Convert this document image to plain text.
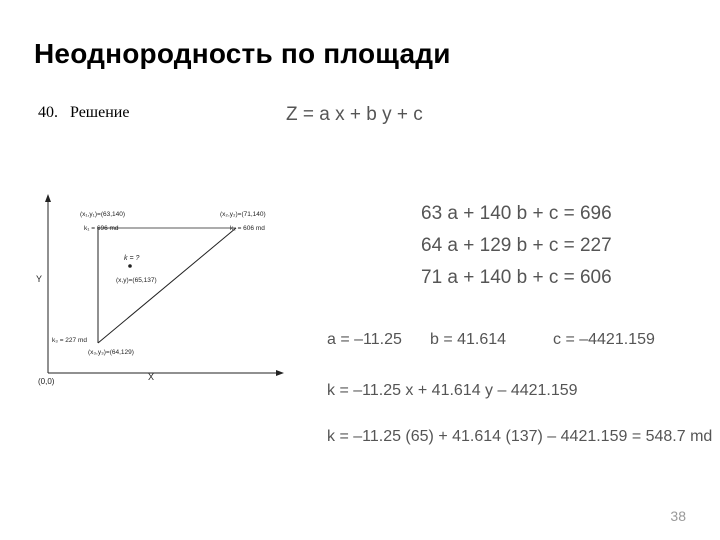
Неоднородность по площади
40. Решение	Z = a x + b y + c
Y
X
(0,0)
(x₁,y₁)=(63,140)
k₁ = 696 md
(x₂,y₂)=(71,140)
k₂ = 606 md
k = ?
(x,y)=(65,137)
k₃ = 227 md
(x₃,y₃)=(64,129)
63 a + 140 b + c = 696
64 a + 129 b + c = 227
71 a + 140 b + c = 606
a = –11.25 b = 41.614	c = –4421.159
k = –11.25 x + 41.614 y – 4421.159
k = –11.25 (65) + 41.614 (137) – 4421.159 = 548.7 md
38
